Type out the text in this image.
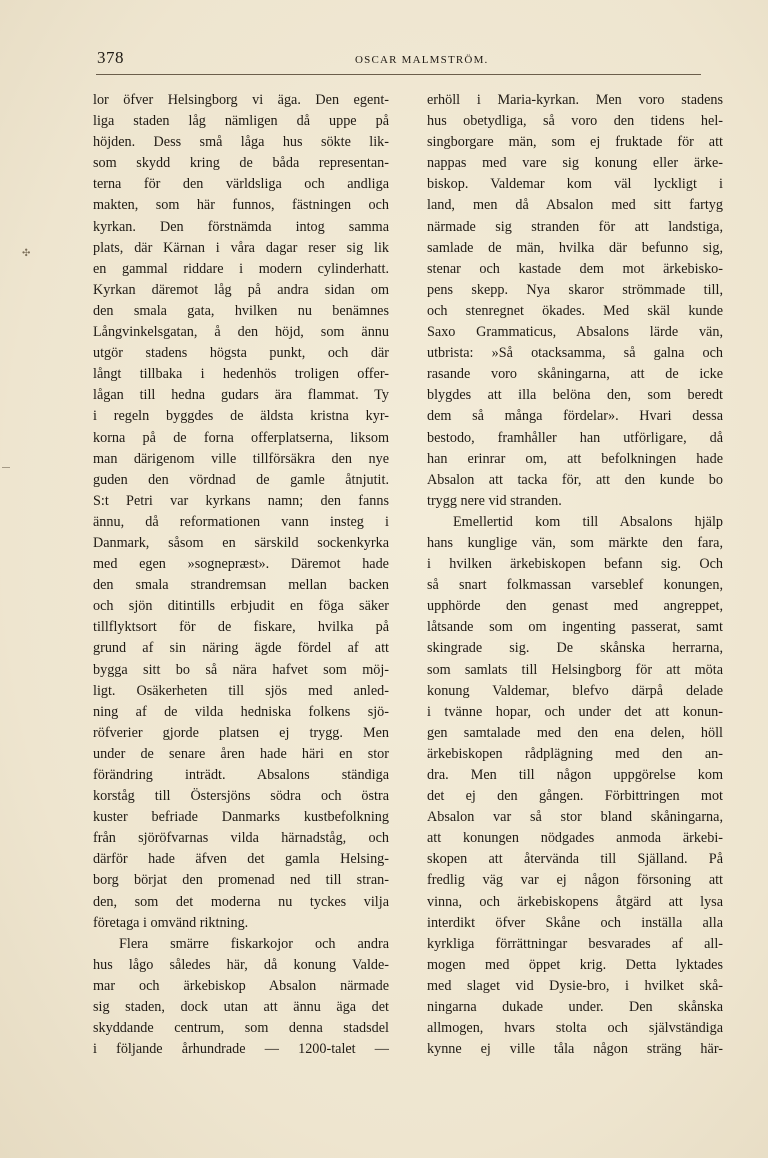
378	OSCAR MALMSTRÖM.
lor öfver Helsingborg vi äga. Den egent-
liga staden låg nämligen då uppe på
höjden. Dess små låga hus sökte lik-
som skydd kring de båda representan-
terna för den världsliga och andliga
makten, som här funnos, fästningen och
kyrkan. Den förstnämda intog samma
plats, där Kärnan i våra dagar reser sig lik
en gammal riddare i modern cylinderhatt.
Kyrkan däremot låg på andra sidan om
den smala gata, hvilken nu benämnes
Långvinkelsgatan, å den höjd, som ännu
utgör stadens högsta punkt, och där
långt tillbaka i hedenhös troligen offer-
lågan till hedna gudars ära flammat. Ty
i regeln byggdes de äldsta kristna kyr-
korna på de forna offerplatserna, liksom
man därigenom ville tillförsäkra den nye
guden den vördnad de gamle åtnjutit.
S:t Petri var kyrkans namn; den fanns
ännu, då reformationen vann insteg i
Danmark, såsom en särskild sockenkyrka
med egen »sognepræst». Däremot hade
den smala strandremsan mellan backen
och sjön ditintills erbjudit en föga säker
tillflyktsort för de fiskare, hvilka på
grund af sin näring ägde fördel af att
bygga sitt bo så nära hafvet som möj-
ligt. Osäkerheten till sjös med anled-
ning af de vilda hedniska folkens sjö-
röfverier gjorde platsen ej trygg. Men
under de senare åren hade häri en stor
förändring inträdt. Absalons ständiga
korståg till Östersjöns södra och östra
kuster befriade Danmarks kustbefolkning
från sjöröfvarnas vilda härnadståg, och
därför hade äfven det gamla Helsing-
borg börjat den promenad ned till stran-
den, som det moderna nu tyckes vilja
företaga i omvänd riktning.
Flera smärre fiskarkojor och andra
hus lågo således här, då konung Valde-
mar och ärkebiskop Absalon närmade
sig staden, dock utan att ännu äga det
skyddande centrum, som denna stadsdel
i följande århundrade — 1200-talet —
erhöll i Maria-kyrkan. Men voro stadens
hus obetydliga, så voro den tidens hel-
singborgare män, som ej fruktade för att
nappas med vare sig konung eller ärke-
biskop. Valdemar kom väl lyckligt i
land, men då Absalon med sitt fartyg
närmade sig stranden för att landstiga,
samlade de män, hvilka där befunno sig,
stenar och kastade dem mot ärkebisko-
pens skepp. Nya skaror strömmade till,
och stenregnet ökades. Med skäl kunde
Saxo Grammaticus, Absalons lärde vän,
utbrista: »Så otacksamma, så galna och
rasande voro skåningarna, att de icke
blygdes att illa belöna den, som beredt
dem så många fördelar». Hvari dessa
bestodo, framhåller han utförligare, då
han erinrar om, att befolkningen hade
Absalon att tacka för, att den kunde bo
trygg nere vid stranden.
Emellertid kom till Absalons hjälp
hans kunglige vän, som märkte den fara,
i hvilken ärkebiskopen befann sig. Och
så snart folkmassan varseblef konungen,
upphörde den genast med angreppet,
låtsande som om ingenting passerat, samt
skingrade sig. De skånska herrarna,
som samlats till Helsingborg för att möta
konung Valdemar, blefvo därpå delade
i tvänne hopar, och under det att konun-
gen samtalade med den ena delen, höll
ärkebiskopen rådplägning med den an-
dra. Men till någon uppgörelse kom
det ej den gången. Förbittringen mot
Absalon var så stor bland skåningarna,
att konungen nödgades anmoda ärkebi-
skopen att återvända till Själland. På
fredlig väg var ej någon försoning att
vinna, och ärkebiskopens åtgärd att lysa
interdikt öfver Skåne och inställa alla
kyrkliga förrättningar besvarades af all-
mogen med öppet krig. Detta lyktades
med slaget vid Dysie-bro, i hvilket skå-
ningarna dukade under. Den skånska
allmogen, hvars stolta och självständiga
kynne ej ville tåla någon sträng här-
✣
